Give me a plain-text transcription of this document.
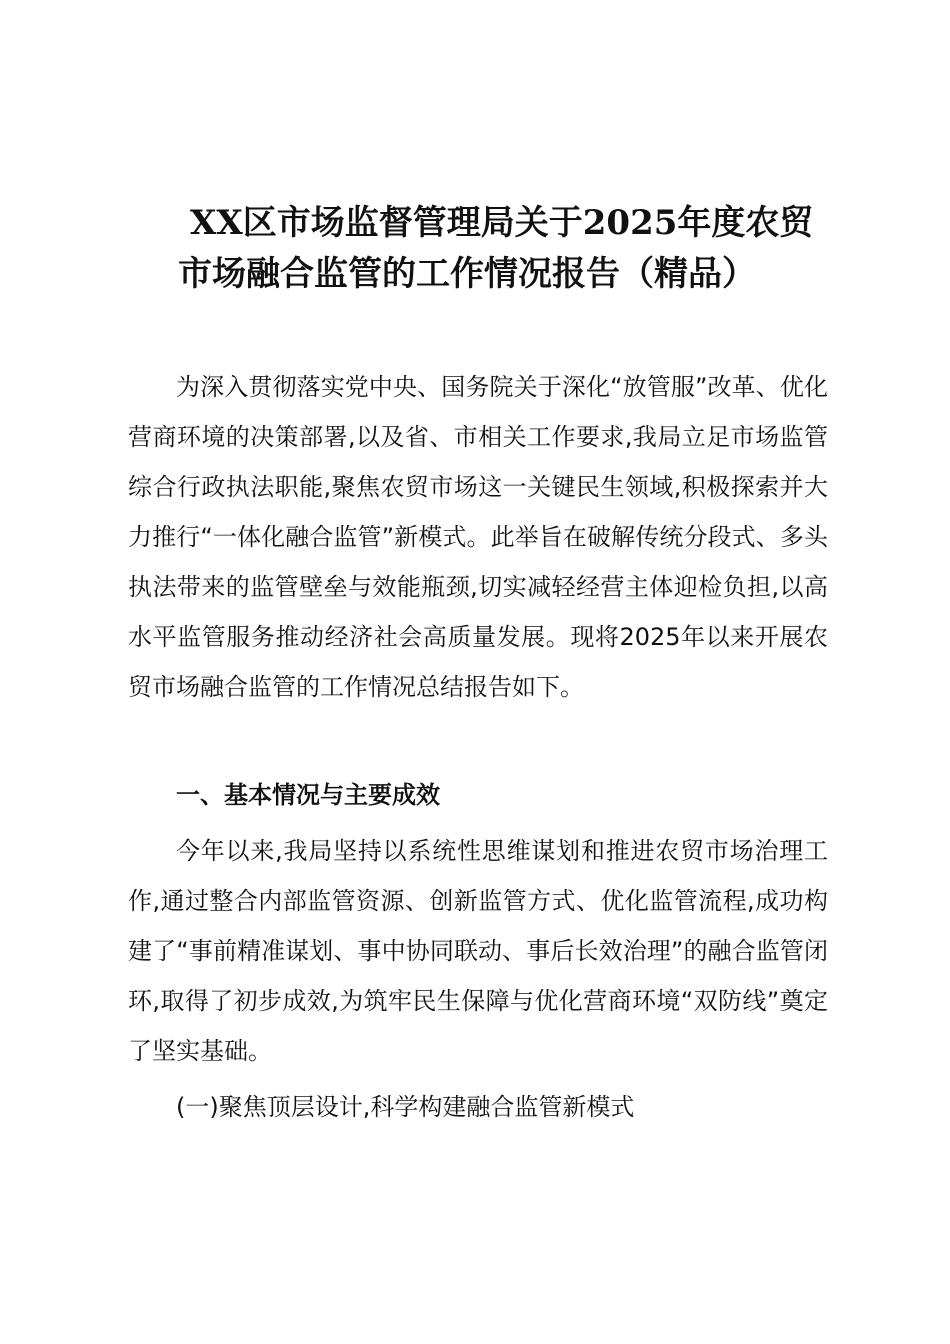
XX区市场监督管理局关于2025年度农贸
市场融合监管的工作情况报告（精品）

为深入贯彻落实党中央、国务院关于深化“放管服”改革、优化营商环境的决策部署,以及省、市相关工作要求,我局立足市场监管综合行政执法职能,聚焦农贸市场这一关键民生领域,积极探索并大力推行“一体化融合监管”新模式。此举旨在破解传统分段式、多头执法带来的监管壁垒与效能瓶颈,切实减轻经营主体迎检负担,以高水平监管服务推动经济社会高质量发展。现将2025年以来开展农贸市场融合监管的工作情况总结报告如下。

一、基本情况与主要成效

今年以来,我局坚持以系统性思维谋划和推进农贸市场治理工作,通过整合内部监管资源、创新监管方式、优化监管流程,成功构建了“事前精准谋划、事中协同联动、事后长效治理”的融合监管闭环,取得了初步成效,为筑牢民生保障与优化营商环境“双防线”奠定了坚实基础。

(一)聚焦顶层设计,科学构建融合监管新模式
